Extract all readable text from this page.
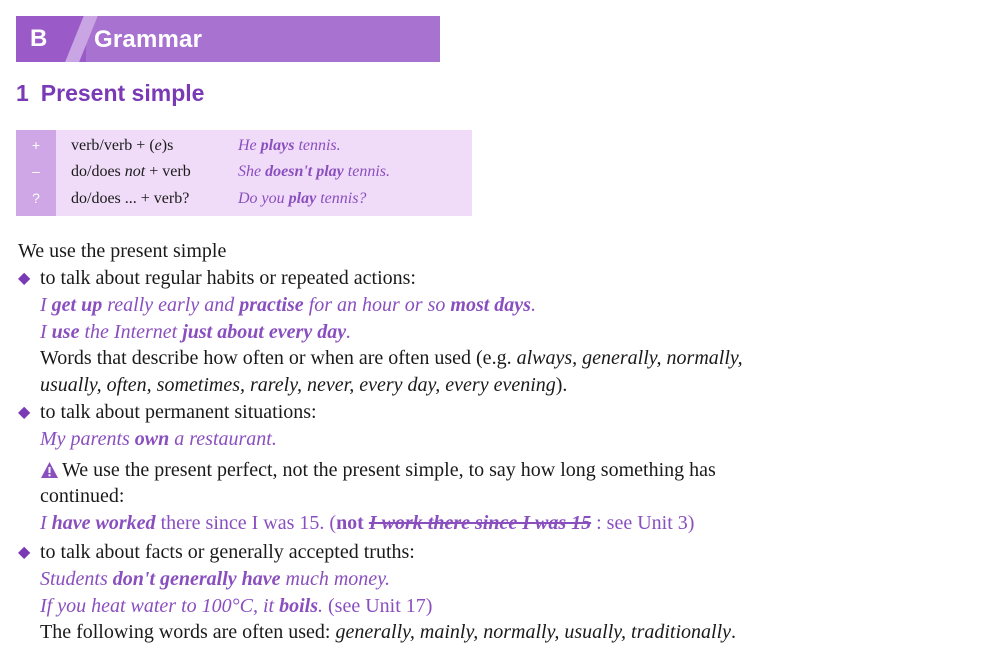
B Grammar
1 Present simple
+	verb/verb + (e)s	He plays tennis.
–	do/does not + verb	She doesn't play tennis.
?	do/does ... + verb?	Do you play tennis?
We use the present simple
◆ to talk about regular habits or repeated actions:
I get up really early and practise for an hour or so most days.
I use the Internet just about every day.
Words that describe how often or when are often used (e.g. always, generally, normally,
usually, often, sometimes, rarely, never, every day, every evening).
◆ to talk about permanent situations:
My parents own a restaurant.
We use the present perfect, not the present simple, to say how long something has
continued:
I have worked there since I was 15. (not I work there since I was 15 : see Unit 3)
◆ to talk about facts or generally accepted truths:
Students don't generally have much money.
If you heat water to 100°C, it boils. (see Unit 17)
The following words are often used: generally, mainly, normally, usually, traditionally.
